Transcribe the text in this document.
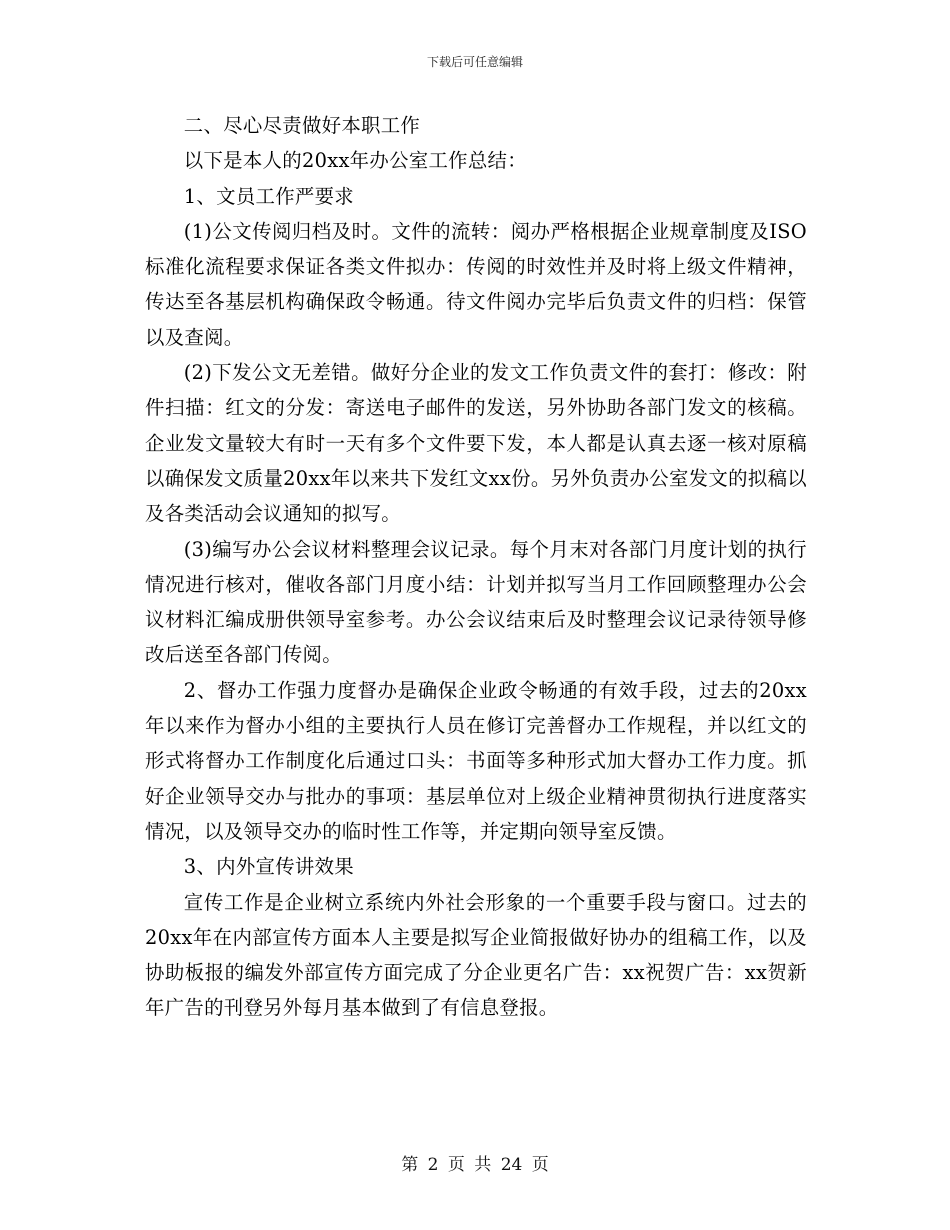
下载后可任意编辑

二、尽心尽责做好本职工作

以下是本人的20xx年办公室工作总结：

1、文员工作严要求

(1)公文传阅归档及时。文件的流转：阅办严格根据企业规章制度及ISO标准化流程要求保证各类文件拟办：传阅的时效性并及时将上级文件精神，传达至各基层机构确保政令畅通。待文件阅办完毕后负责文件的归档：保管以及查阅。

(2)下发公文无差错。做好分企业的发文工作负责文件的套打：修改：附件扫描：红文的分发：寄送电子邮件的发送，另外协助各部门发文的核稿。企业发文量较大有时一天有多个文件要下发，本人都是认真去逐一核对原稿以确保发文质量20xx年以来共下发红文xx份。另外负责办公室发文的拟稿以及各类活动会议通知的拟写。

(3)编写办公会议材料整理会议记录。每个月末对各部门月度计划的执行情况进行核对，催收各部门月度小结：计划并拟写当月工作回顾整理办公会议材料汇编成册供领导室参考。办公会议结束后及时整理会议记录待领导修改后送至各部门传阅。

2、督办工作强力度督办是确保企业政令畅通的有效手段，过去的20xx年以来作为督办小组的主要执行人员在修订完善督办工作规程，并以红文的形式将督办工作制度化后通过口头：书面等多种形式加大督办工作力度。抓好企业领导交办与批办的事项：基层单位对上级企业精神贯彻执行进度落实情况，以及领导交办的临时性工作等，并定期向领导室反馈。

3、内外宣传讲效果

宣传工作是企业树立系统内外社会形象的一个重要手段与窗口。过去的20xx年在内部宣传方面本人主要是拟写企业简报做好协办的组稿工作，以及协助板报的编发外部宣传方面完成了分企业更名广告：xx祝贺广告：xx贺新年广告的刊登另外每月基本做到了有信息登报。

第 2 页 共 24 页
